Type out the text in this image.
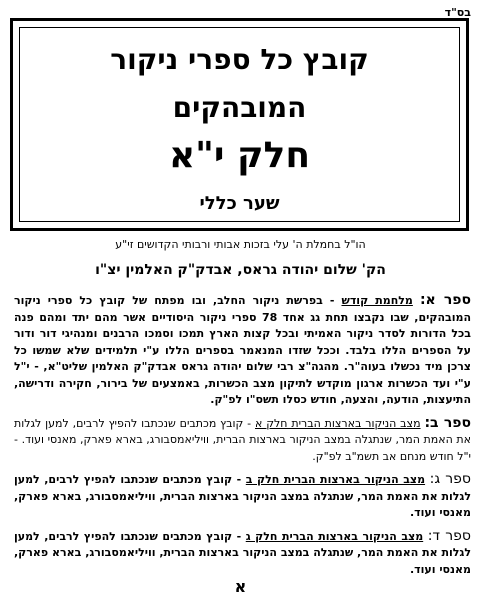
בס"ד
קובץ כל ספרי ניקור
המובהקים
חלק י"א
שער כללי
הו"ל בחמלת ה' עלי בזכות אבותי ורבותי הקדושים זי"ע
הק' שלום יהודה גראס, אבדק"ק האלמין יצ"ו

ספר א: מלחמת קודש - בפרשת ניקור החלב, ובו מפתח של קובץ כל ספרי ניקור המובהקים, שבו נקבצו תחת גג אחד 78 ספרי ניקור היסודיים אשר מהם יתד ומהם פנה בכל הדורות לסדר ניקור האמיתי ובכל קצות הארץ תמכו וסמכו הרבנים ומנהיגי דור ודור על הספרים הללו בלבד. וככל שזדו המנאמר בספרים הללו ע"י תלמידים שלא שמשו כל צרכן מיד נכשלו בעוה"ר. מהגה"צ רבי שלום יהודה גראס אבדק"ק האלמין שליט"א, - י"ל ע"י ועד הכשרות ארגון מוקדש לתיקון מצב הכשרות, באמצעים של בירור, חקירה ודרישה, התיעצות, הודעה, והצעה, חודש כסלו תשס"ו לפ"ק.

ספר ב: מצב הניקור בארצות הברית חלק א - קובץ מכתבים שנכתבו להפיץ לרבים, למען לגלות את האמת המר, שנתגלה במצב הניקור בארצות הברית, וויליאמסבורג, בארא פארק, מאנסי ועוד. - י"ל חודש מנחם אב תשמ"ב לפ"ק.

ספר ג: מצב הניקור בארצות הברית חלק ב - קובץ מכתבים שנכתבו להפיץ לרבים, למען לגלות את האמת המר, שנתגלה במצב הניקור בארצות הברית, וויליאמסבורג, בארא פארק, מאנסי ועוד.

ספר ד: מצב הניקור בארצות הברית חלק ג - קובץ מכתבים שנכתבו להפיץ לרבים, למען לגלות את האמת המר, שנתגלה במצב הניקור בארצות הברית, וויליאמסבורג, בארא פארק, מאנסי ועוד.

א
